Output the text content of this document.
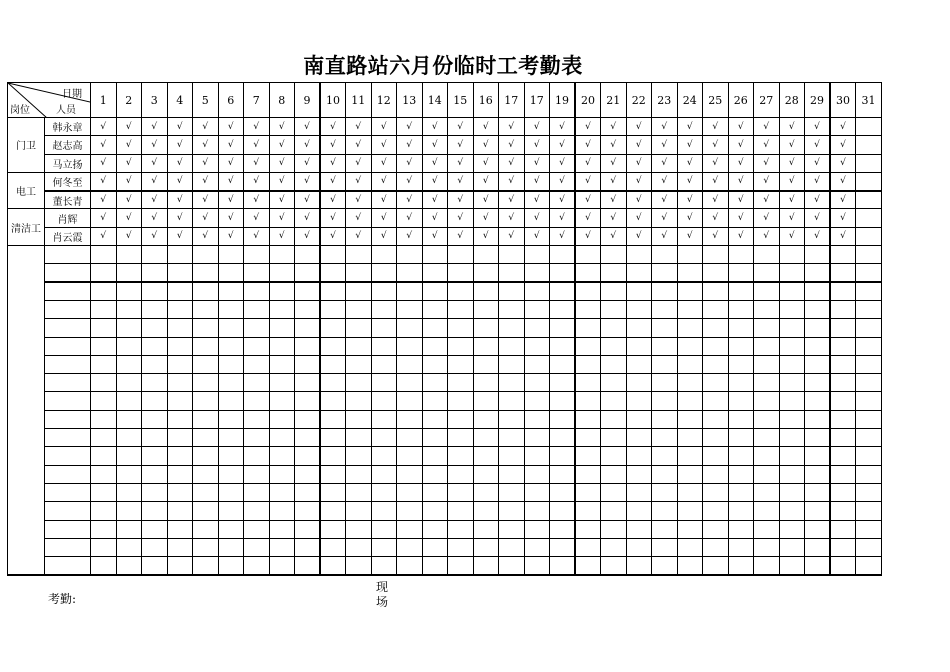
南直路站六月份临时工考勤表
日期
岗位 人员		1	2	3	4	5	6	7	8	9	10	11	12	13	14	15	16	17	17	19	20	21	22	23	24	25	26	27	28	29	30	31
门卫	韩永章	√	√	√	√	√	√	√	√	√	√	√	√	√	√	√	√	√	√	√	√	√	√	√	√	√	√	√	√	√	√	
	赵志高	√	√	√	√	√	√	√	√	√	√	√	√	√	√	√	√	√	√	√	√	√	√	√	√	√	√	√	√	√	√	
	马立扬	√	√	√	√	√	√	√	√	√	√	√	√	√	√	√	√	√	√	√	√	√	√	√	√	√	√	√	√	√	√	
电工	何冬至	√	√	√	√	√	√	√	√	√	√	√	√	√	√	√	√	√	√	√	√	√	√	√	√	√	√	√	√	√	√	
	董长青	√	√	√	√	√	√	√	√	√	√	√	√	√	√	√	√	√	√	√	√	√	√	√	√	√	√	√	√	√	√	
清洁工	肖辉	√	√	√	√	√	√	√	√	√	√	√	√	√	√	√	√	√	√	√	√	√	√	√	√	√	√	√	√	√	√	
	肖云霞	√	√	√	√	√	√	√	√	√	√	√	√	√	√	√	√	√	√	√	√	√	√	√	√	√	√	√	√	√	√	

考勤:
现场
